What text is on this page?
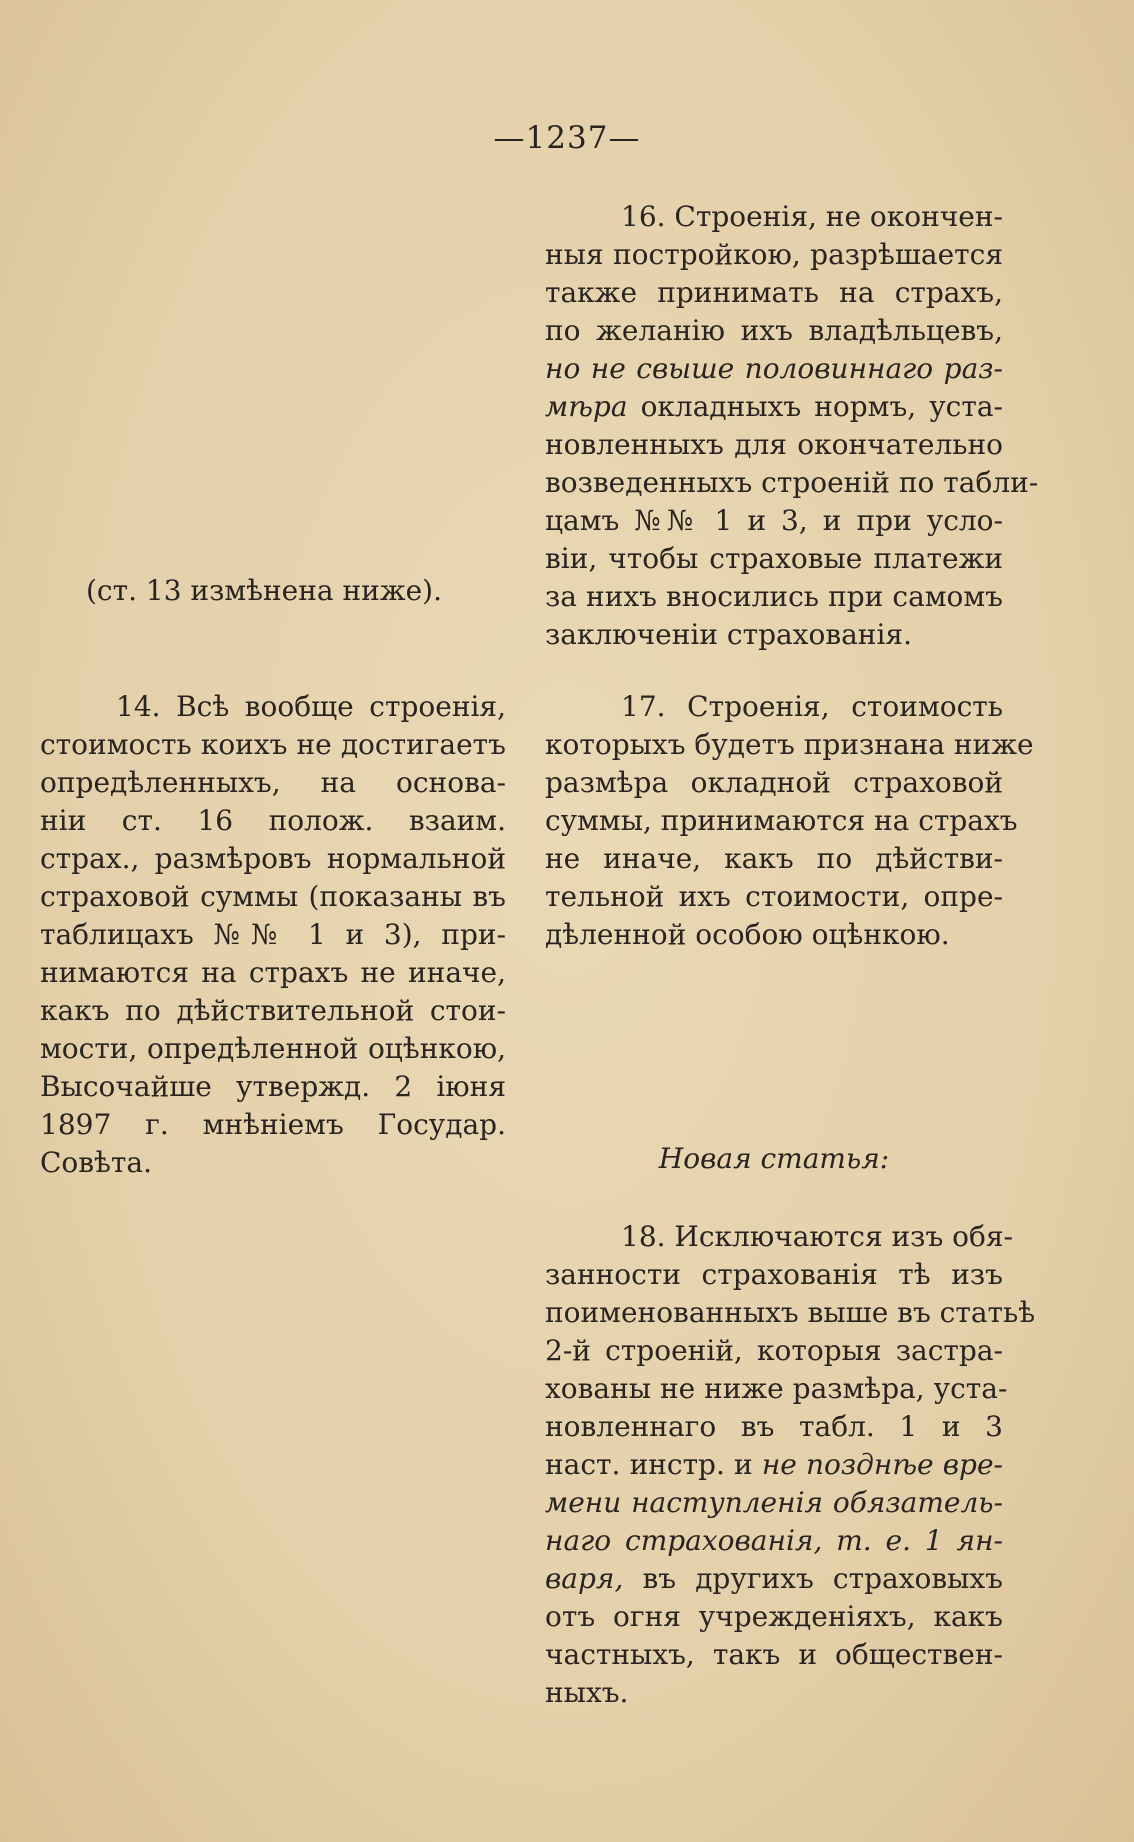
—1237—

(ст. 13 измѣнена ниже).

14. Всѣ вообще строенія,
стоимость коихъ не достигаетъ
опредѣленныхъ, на основа-
ніи ст. 16 полож. взаим.
страх., размѣровъ нормальной
страховой суммы (показаны въ
таблицахъ №№ 1 и 3), при-
нимаются на страхъ не иначе,
какъ по дѣйствительной стои-
мости, опредѣленной оцѣнкою,
Высочайше утвержд. 2 іюня
1897 г. мнѣніемъ Государ.
Совѣта.
16. Строенія, не окончен-
ныя постройкою, разрѣшается
также принимать на страхъ,
по желанію ихъ владѣльцевъ,
но не свыше половиннаго раз-
мѣра окладныхъ нормъ, уста-
новленныхъ для окончательно
возведенныхъ строеній по табли-
цамъ №№ 1 и 3, и при усло-
віи, чтобы страховые платежи
за нихъ вносились при самомъ
заключеніи страхованія.
17. Строенія, стоимость
которыхъ будетъ признана ниже
размѣра окладной страховой
суммы, принимаются на страхъ
не иначе, какъ по дѣйстви-
тельной ихъ стоимости, опре-
дѣленной особою оцѣнкою.
Новая статья:
18. Исключаются изъ обя-
занности страхованія тѣ изъ
поименованныхъ выше въ статьѣ
2-й строеній, которыя застра-
хованы не ниже размѣра, уста-
новленнаго въ табл. 1 и 3
наст. инстр. и не позднѣе вре-
мени наступленія обязатель-
наго страхованія, т. е. 1 ян-
варя, въ другихъ страховыхъ
отъ огня учрежденіяхъ, какъ
частныхъ, такъ и обществен-
ныхъ.
